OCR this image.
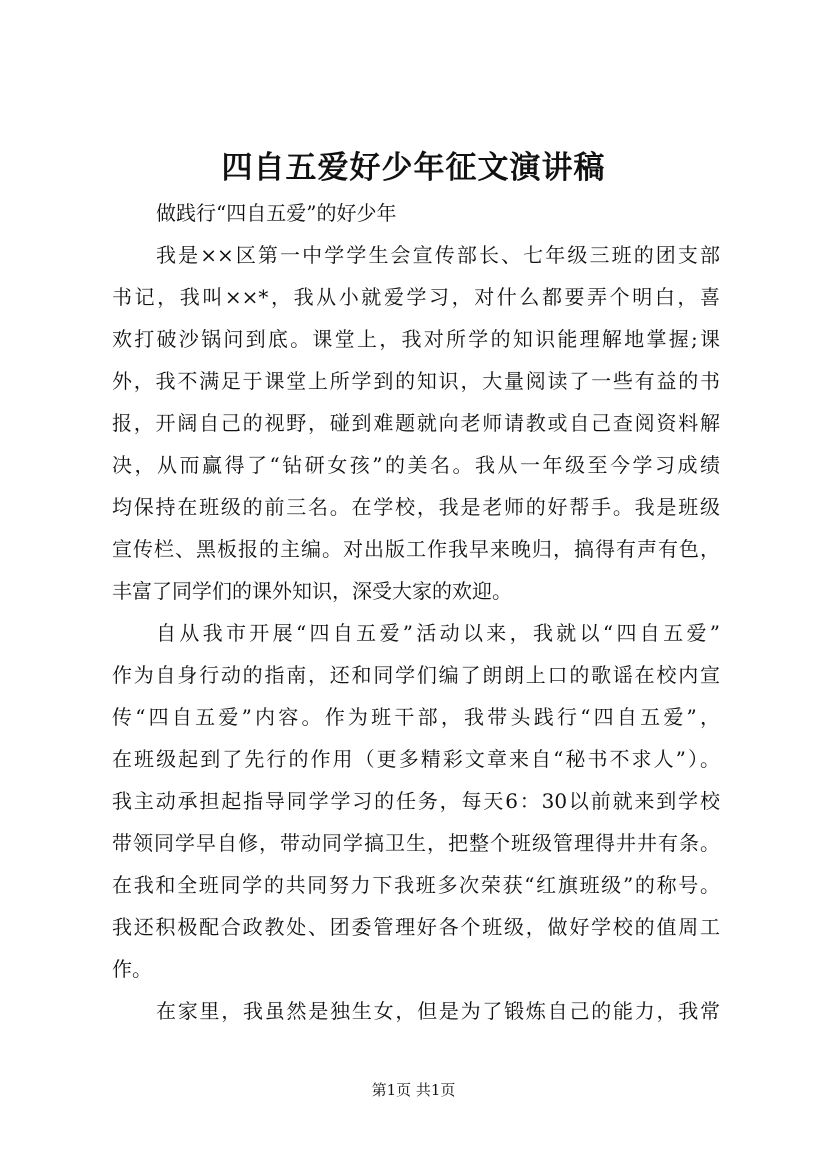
四自五爱好少年征文演讲稿
做践行“四自五爱”的好少年
我是××区第一中学学生会宣传部长、七年级三班的团支部
书记，我叫××*，我从小就爱学习，对什么都要弄个明白，喜
欢打破沙锅问到底。课堂上，我对所学的知识能理解地掌握;课
外，我不满足于课堂上所学到的知识，大量阅读了一些有益的书
报，开阔自己的视野，碰到难题就向老师请教或自己查阅资料解
决，从而赢得了“钻研女孩”的美名。我从一年级至今学习成绩
均保持在班级的前三名。在学校，我是老师的好帮手。我是班级
宣传栏、黑板报的主编。对出版工作我早来晚归，搞得有声有色，
丰富了同学们的课外知识，深受大家的欢迎。
自从我市开展“四自五爱”活动以来，我就以“四自五爱”
作为自身行动的指南，还和同学们编了朗朗上口的歌谣在校内宣
传“四自五爱”内容。作为班干部，我带头践行“四自五爱”，
在班级起到了先行的作用（更多精彩文章来自“秘书不求人”）。
我主动承担起指导同学学习的任务，每天6：30以前就来到学校
带领同学早自修，带动同学搞卫生，把整个班级管理得井井有条。
在我和全班同学的共同努力下我班多次荣获“红旗班级”的称号。
我还积极配合政教处、团委管理好各个班级，做好学校的值周工
作。
在家里，我虽然是独生女，但是为了锻炼自己的能力，我常
第1页 共1页
